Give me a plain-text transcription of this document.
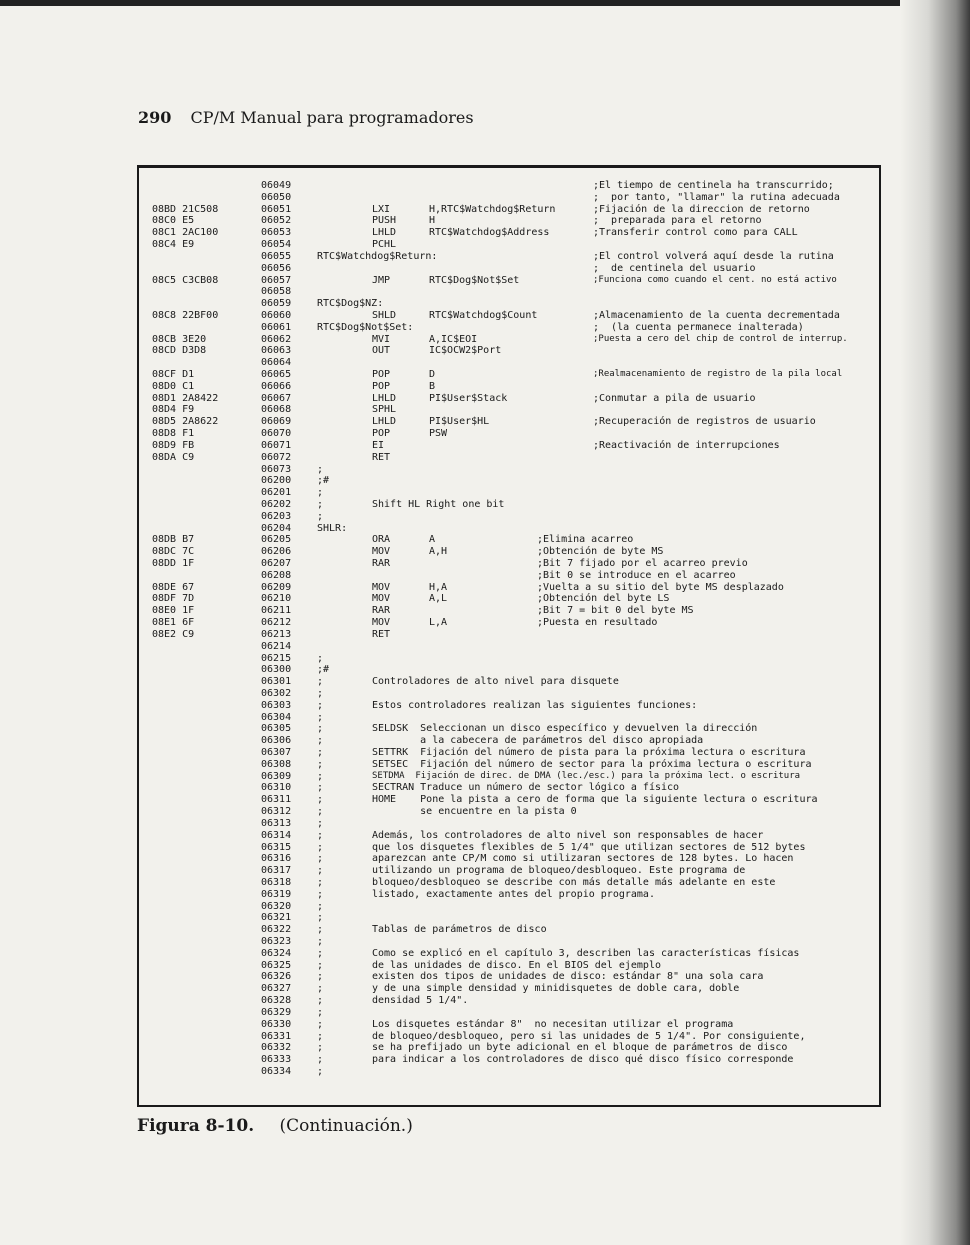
290 CP/M Manual para programadores
06049	;El tiempo de centinela ha transcurrido;
06050	;  por tanto, "llamar" la rutina adecuada
08BD 21C508	06051	LXI	H,RTC$Watchdog$Return	;Fijación de la direccion de retorno
08C0 E5	06052	PUSH	H	;  preparada para el retorno
08C1 2AC100	06053	LHLD	RTC$Watchdog$Address	;Transferir control como para CALL
08C4 E9	06054	PCHL
06055	RTC$Watchdog$Return:	;El control volverá aquí desde la rutina
06056	;  de centinela del usuario
08C5 C3CB08	06057	JMP	RTC$Dog$Not$Set	;Funciona como cuando el cent. no está activo
06058
06059	RTC$Dog$NZ:
08C8 22BF00	06060	SHLD	RTC$Watchdog$Count	;Almacenamiento de la cuenta decrementada
06061	RTC$Dog$Not$Set:	;  (la cuenta permanece inalterada)
08CB 3E20	06062	MVI	A,IC$EOI	;Puesta a cero del chip de control de interrup.
08CD D3D8	06063	OUT	IC$OCW2$Port
06064
08CF D1	06065	POP	D	;Realmacenamiento de registro de la pila local
08D0 C1	06066	POP	B
08D1 2A8422	06067	LHLD	PI$User$Stack	;Conmutar a pila de usuario
08D4 F9	06068	SPHL
08D5 2A8622	06069	LHLD	PI$User$HL	;Recuperación de registros de usuario
08D8 F1	06070	POP	PSW
08D9 FB	06071	EI	;Reactivación de interrupciones
08DA C9	06072	RET
06073	;
06200	;#
06201	;
06202	;	Shift HL Right one bit
06203	;
06204	SHLR:
08DB B7	06205	ORA	A	;Elimina acarreo
08DC 7C	06206	MOV	A,H	;Obtención de byte MS
08DD 1F	06207	RAR	;Bit 7 fijado por el acarreo previo
06208	;Bit 0 se introduce en el acarreo
08DE 67	06209	MOV	H,A	;Vuelta a su sitio del byte MS desplazado
08DF 7D	06210	MOV	A,L	;Obtención del byte LS
08E0 1F	06211	RAR	;Bit 7 = bit 0 del byte MS
08E1 6F	06212	MOV	L,A	;Puesta en resultado
08E2 C9	06213	RET
06214
06215	;
06300	;#
06301	;	Controladores de alto nivel para disquete
06302	;
06303	;	Estos controladores realizan las siguientes funciones:
06304	;
06305	;	SELDSK  Seleccionan un disco específico y devuelven la dirección
06306	;	a la cabecera de parámetros del disco apropiada
06307	;	SETTRK  Fijación del número de pista para la próxima lectura o escritura
06308	;	SETSEC  Fijación del número de sector para la próxima lectura o escritura
06309	;	SETDMA  Fijación de direc. de DMA (lec./esc.) para la próxima lect. o escritura
06310	;	SECTRAN Traduce un número de sector lógico a físico
06311	;	HOME    Pone la pista a cero de forma que la siguiente lectura o escritura
06312	;	se encuentre en la pista 0
06313	;
06314	;	Además, los controladores de alto nivel son responsables de hacer
06315	;	que los disquetes flexibles de 5 1/4" que utilizan sectores de 512 bytes
06316	;	aparezcan ante CP/M como si utilizaran sectores de 128 bytes. Lo hacen
06317	;	utilizando un programa de bloqueo/desbloqueo. Este programa de
06318	;	bloqueo/desbloqueo se describe con más detalle más adelante en este
06319	;	listado, exactamente antes del propio programa.
06320	;
06321	;
06322	;	Tablas de parámetros de disco
06323	;
06324	;	Como se explicó en el capítulo 3, describen las características físicas
06325	;	de las unidades de disco. En el BIOS del ejemplo
06326	;	existen dos tipos de unidades de disco: estándar 8" una sola cara
06327	;	y de una simple densidad y minidisquetes de doble cara, doble
06328	;	densidad 5 1/4".
06329	;
06330	;	Los disquetes estándar 8"  no necesitan utilizar el programa
06331	;	de bloqueo/desbloqueo, pero si las unidades de 5 1/4". Por consiguiente,
06332	;	se ha prefijado un byte adicional en el bloque de parámetros de disco
06333	;	para indicar a los controladores de disco qué disco físico corresponde
06334	;
Figura 8-10. (Continuación.)
